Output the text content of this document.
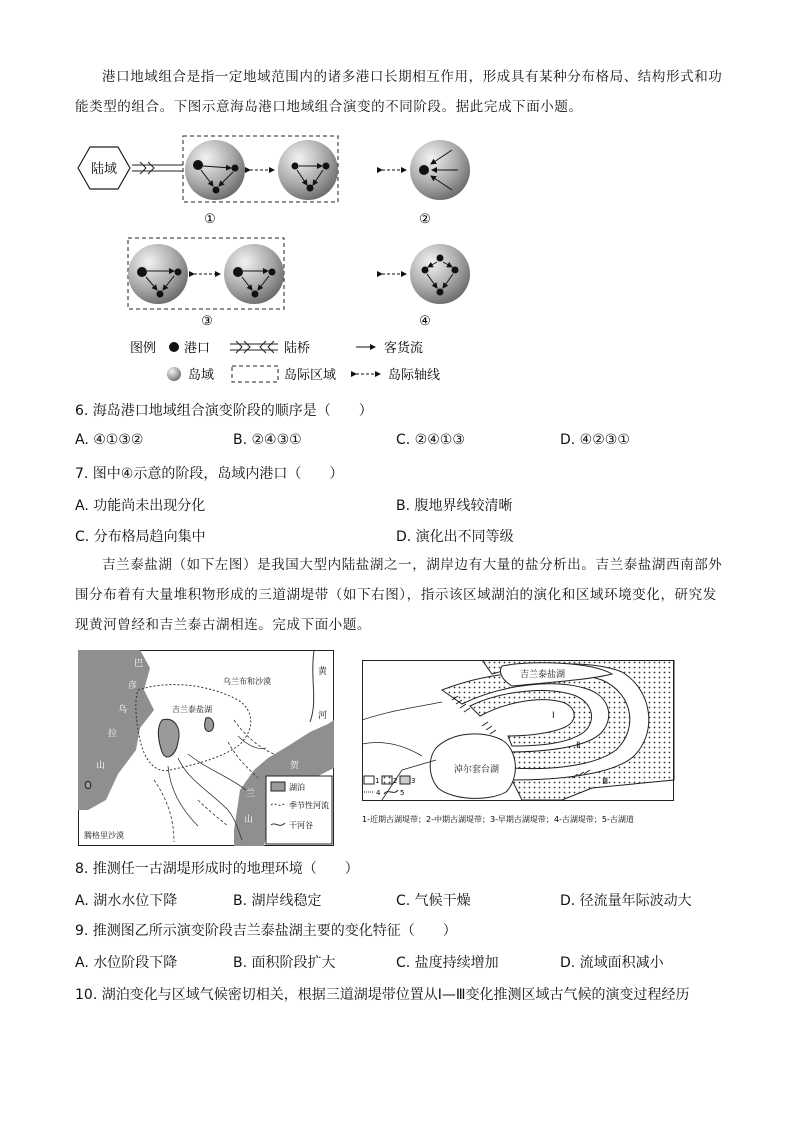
港口地域组合是指一定地域范围内的诸多港口长期相互作用，形成具有某种分布格局、结构形式和功
能类型的组合。下图示意海岛港口地域组合演变的不同阶段。据此完成下面小题。
陆域
①	②
③	④
图例 港口	陆桥	客货流
岛域	岛际区域	岛际轴线
6. 海岛港口地域组合演变阶段的顺序是（　　）
A. ④①③②	B. ②④③①	C. ②④①③	D. ④②③①
7. 图中④示意的阶段，岛域内港口（　　）
A. 功能尚未出现分化	B. 腹地界线较清晰
C. 分布格局趋向集中	D. 演化出不同等级
吉兰泰盐湖（如下左图）是我国大型内陆盐湖之一，湖岸边有大量的盐分析出。吉兰泰盐湖西南部外
围分布着有大量堆积物形成的三道湖堤带（如下右图），指示该区域湖泊的演化和区域环境变化，研究发
现黄河曾经和吉兰泰古湖相连。完成下面小题。
湖泊
季节性河流
干河谷
巴
彦
乌
拉
山
乌兰布和沙漠
黄
河
吉兰泰盐湖
贺
兰
山
腾格里沙漠
吉兰泰盐湖
淖尔套台湖
Ⅰ
Ⅱ
Ⅲ
1 2 3
4	5
1-近期古湖堤带；2-中期古湖堤带；3-早期古湖堤带；4-古湖堤带；5-古湖道
8. 推测任一古湖堤形成时的地理环境（　　）
A. 湖水水位下降	B. 湖岸线稳定	C. 气候干燥	D. 径流量年际波动大
9. 推测图乙所示演变阶段吉兰泰盐湖主要的变化特征（　　）
A. 水位阶段下降	B. 面积阶段扩大	C. 盐度持续增加	D. 流域面积减小
10. 湖泊变化与区域气候密切相关，根据三道湖堤带位置从Ⅰ—Ⅲ变化推测区域古气候的演变过程经历
